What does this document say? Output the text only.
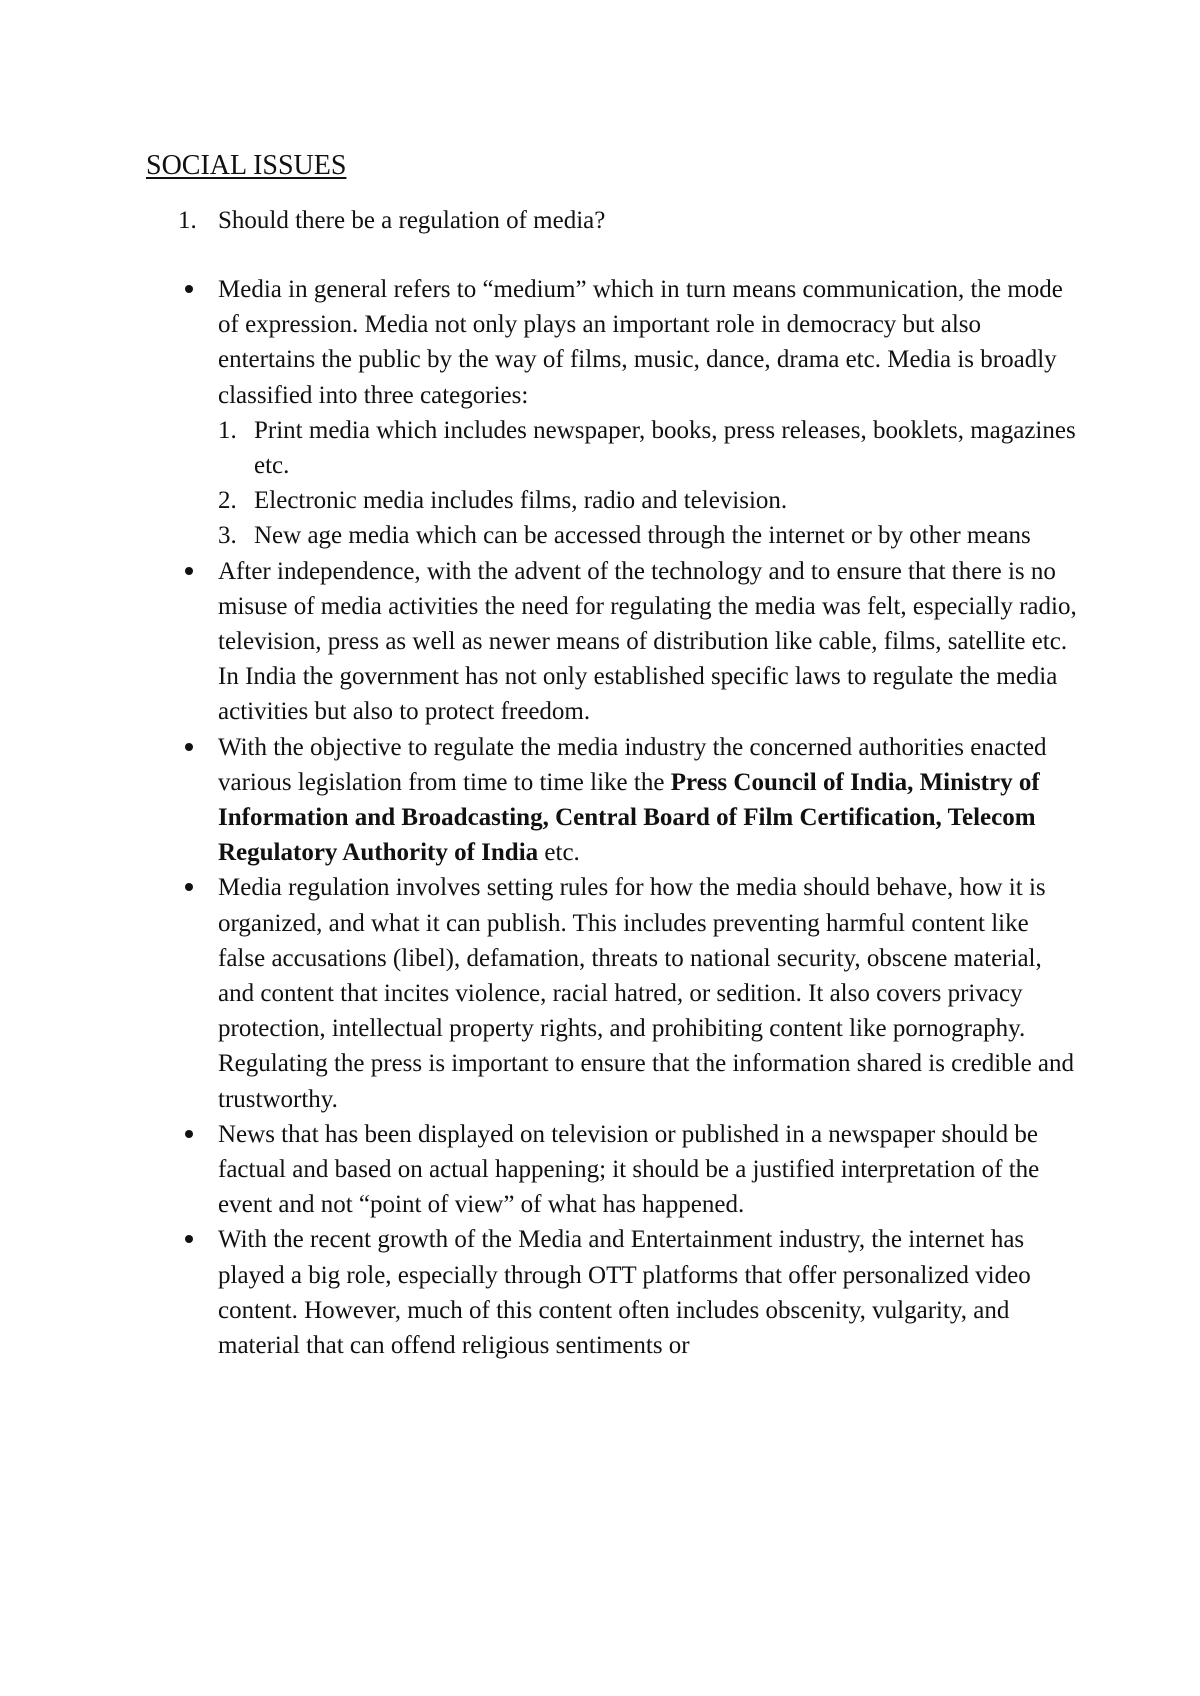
SOCIAL ISSUES
1. Should there be a regulation of media?
Media in general refers to “medium” which in turn means communication, the mode of expression. Media not only plays an important role in democracy but also entertains the public by the way of films, music, dance, drama etc. Media is broadly classified into three categories:
1. Print media which includes newspaper, books, press releases, booklets, magazines etc.
2. Electronic media includes films, radio and television.
3. New age media which can be accessed through the internet or by other means
After independence, with the advent of the technology and to ensure that there is no misuse of media activities the need for regulating the media was felt, especially radio, television, press as well as newer means of distribution like cable, films, satellite etc. In India the government has not only established specific laws to regulate the media activities but also to protect freedom.
With the objective to regulate the media industry the concerned authorities enacted various legislation from time to time like the Press Council of India, Ministry of Information and Broadcasting, Central Board of Film Certification, Telecom Regulatory Authority of India etc.
Media regulation involves setting rules for how the media should behave, how it is organized, and what it can publish. This includes preventing harmful content like false accusations (libel), defamation, threats to national security, obscene material, and content that incites violence, racial hatred, or sedition. It also covers privacy protection, intellectual property rights, and prohibiting content like pornography. Regulating the press is important to ensure that the information shared is credible and trustworthy.
News that has been displayed on television or published in a newspaper should be factual and based on actual happening; it should be a justified interpretation of the event and not “point of view” of what has happened.
With the recent growth of the Media and Entertainment industry, the internet has played a big role, especially through OTT platforms that offer personalized video content. However, much of this content often includes obscenity, vulgarity, and material that can offend religious sentiments or
